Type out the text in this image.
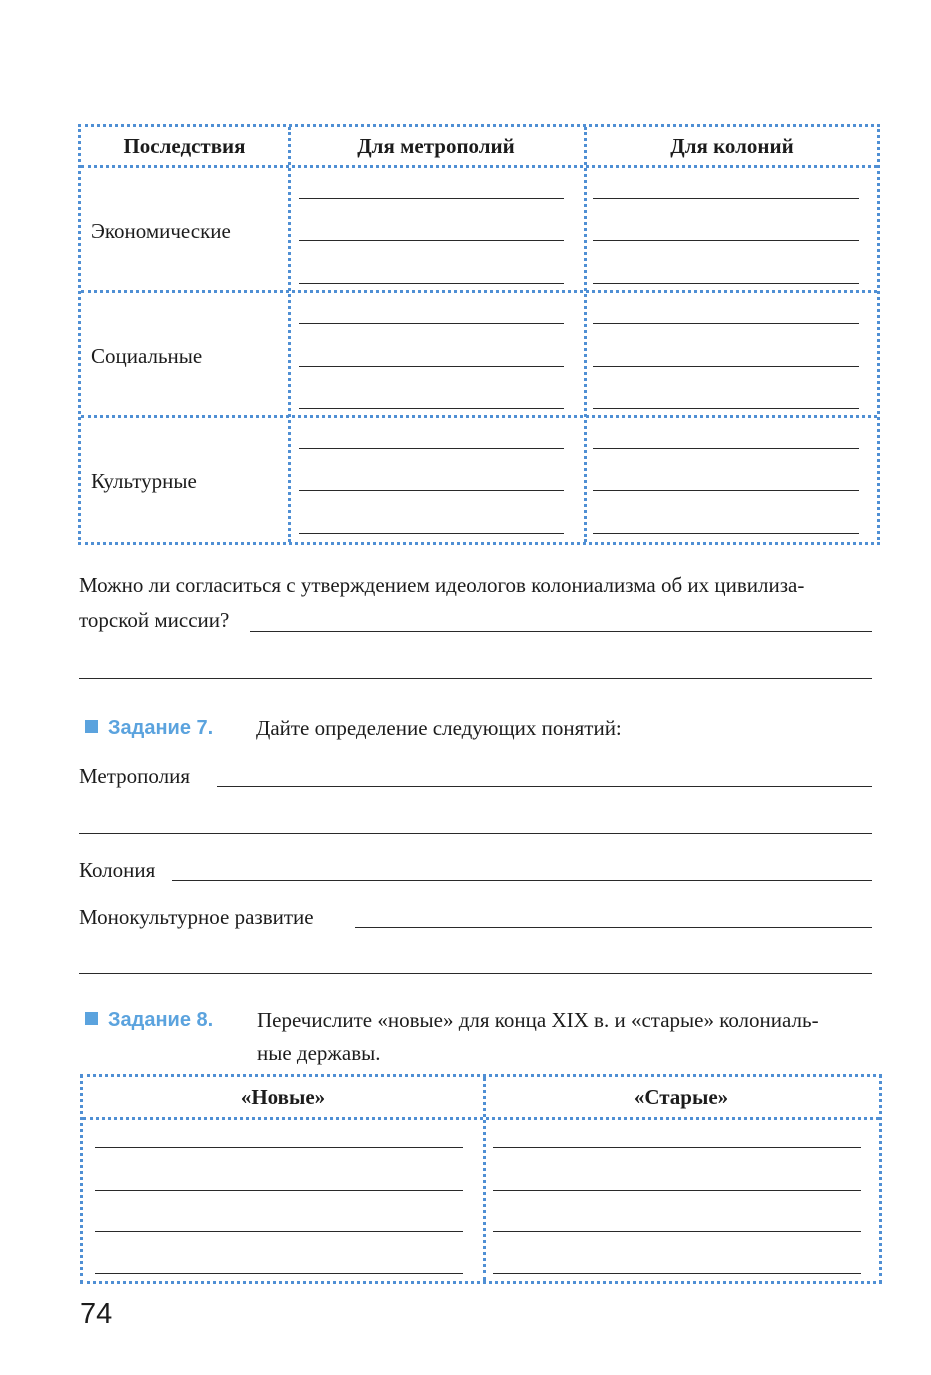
Последствия	Для метрополий	Для колоний
Экономические
Социальные
Культурные
Можно ли согласиться с утверждением идеологов колониализма об их цивилиза-
торской миссии?
Задание 7. Дайте определение следующих понятий:
Метрополия
Колония
Монокультурное развитие
Задание 8. Перечислите «новые» для конца XIX в. и «старые» колониаль-
ные державы.
«Новые»	«Старые»
74
